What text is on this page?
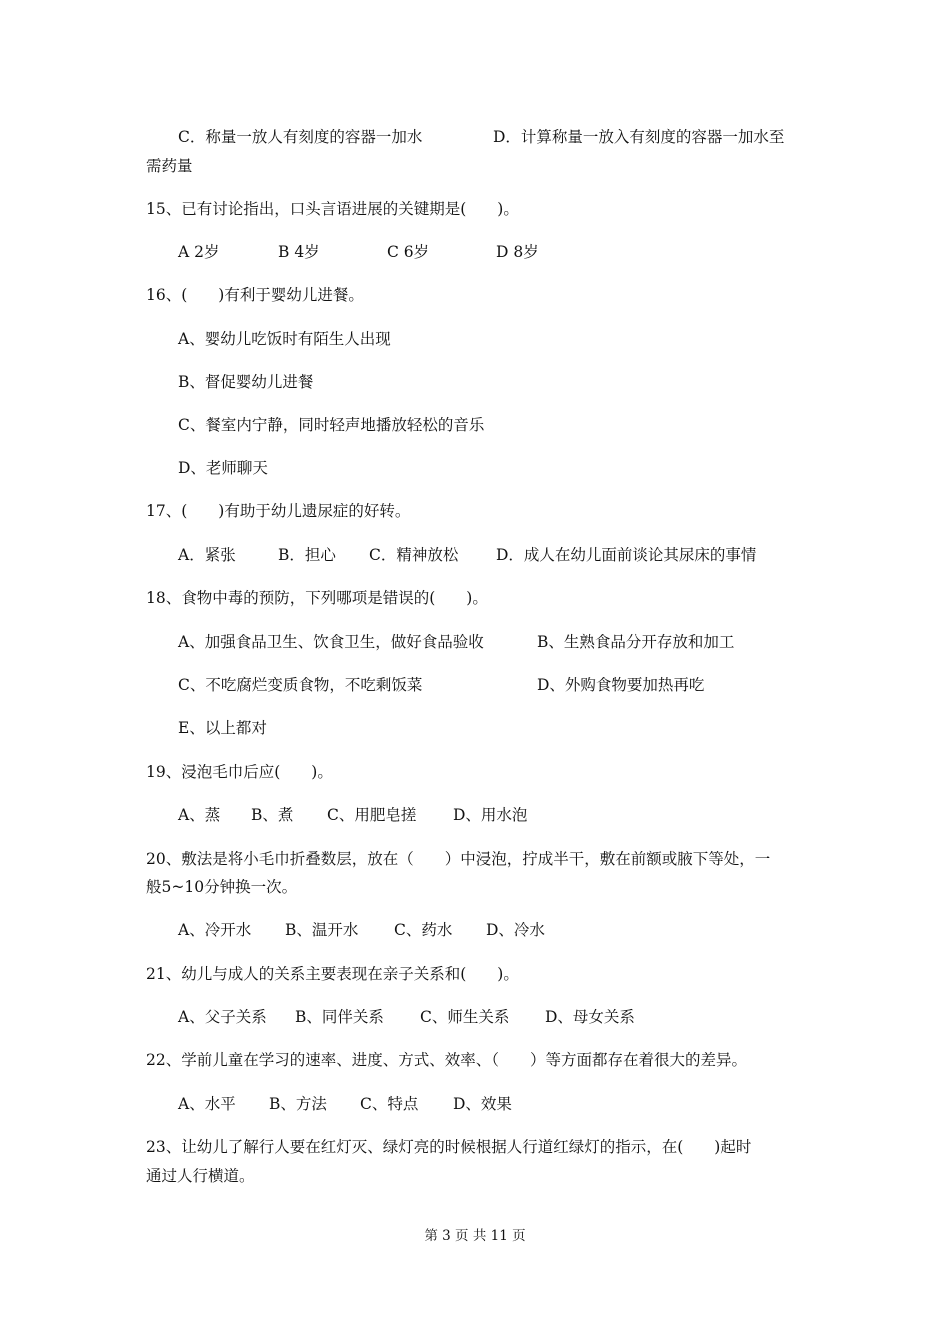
C．称量一放人有刻度的容器一加水	D．计算称量一放入有刻度的容器一加水至
需药量
15、已有讨论指出，口头言语进展的关键期是(　　)。
A 2岁	B 4岁	C 6岁	D 8岁
16、(　　)有利于婴幼儿进餐。
A、婴幼儿吃饭时有陌生人出现
B、督促婴幼儿进餐
C、餐室内宁静，同时轻声地播放轻松的音乐
D、老师聊天
17、(　　)有助于幼儿遗尿症的好转。
A．紧张	B．担心 C．精神放松 D．成人在幼儿面前谈论其尿床的事情
18、食物中毒的预防，下列哪项是错误的(　　)。
A、加强食品卫生、饮食卫生，做好食品验收	B、生熟食品分开存放和加工
C、不吃腐烂变质食物，不吃剩饭菜	D、外购食物要加热再吃
E、以上都对
19、浸泡毛巾后应(　　)。
A、蒸 B、煮 C、用肥皂搓 D、用水泡
20、敷法是将小毛巾折叠数层，放在（　　）中浸泡，拧成半干，敷在前额或腋下等处，一
般5~10分钟换一次。
A、冷开水 B、温开水 C、药水 D、冷水
21、幼儿与成人的关系主要表现在亲子关系和(　　)。
A、父子关系 B、同伴关系 C、师生关系 D、母女关系
22、学前儿童在学习的速率、进度、方式、效率、（　　）等方面都存在着很大的差异。
A、水平 B、方法 C、特点 D、效果
23、让幼儿了解行人要在红灯灭、绿灯亮的时候根据人行道红绿灯的指示，在(　　)起时
通过人行横道。
第 3 页 共 11 页
